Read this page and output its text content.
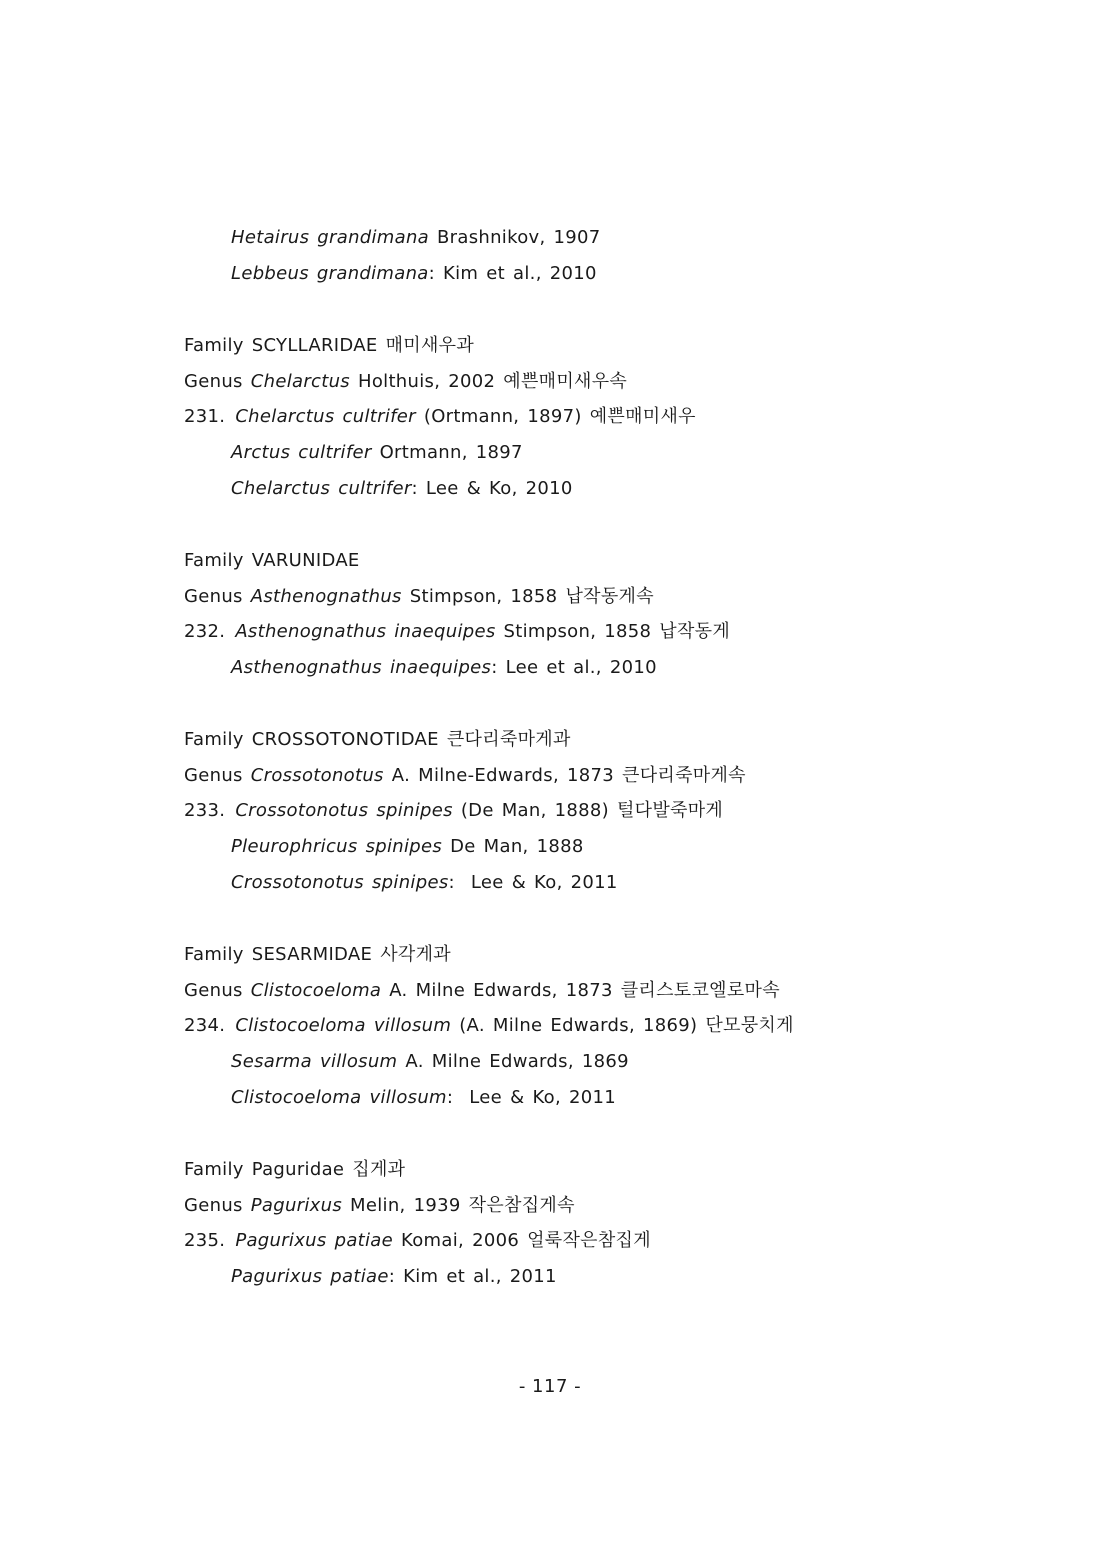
Hetairus grandimana Brashnikov, 1907
Lebbeus grandimana: Kim et al., 2010
Family SCYLLARIDAE 매미새우과
Genus Chelarctus Holthuis, 2002 예쁜매미새우속
231. Chelarctus cultrifer (Ortmann, 1897) 예쁜매미새우
Arctus cultrifer Ortmann, 1897
Chelarctus cultrifer: Lee & Ko, 2010
Family VARUNIDAE
Genus Asthenognathus Stimpson, 1858 납작동게속
232. Asthenognathus inaequipes Stimpson, 1858 납작동게
Asthenognathus inaequipes: Lee et al., 2010
Family CROSSOTONOTIDAE 큰다리죽마게과
Genus Crossotonotus A. Milne-Edwards, 1873 큰다리죽마게속
233. Crossotonotus spinipes (De Man, 1888) 털다발죽마게
Pleurophricus spinipes De Man, 1888
Crossotonotus spinipes:  Lee & Ko, 2011
Family SESARMIDAE 사각게과
Genus Clistocoeloma A. Milne Edwards, 1873 클리스토코엘로마속
234. Clistocoeloma villosum (A. Milne Edwards, 1869) 단모뭉치게
Sesarma villosum A. Milne Edwards, 1869
Clistocoeloma villosum:  Lee & Ko, 2011
Family Paguridae 집게과
Genus Pagurixus Melin, 1939 작은참집게속
235. Pagurixus patiae Komai, 2006 얼룩작은참집게
Pagurixus patiae: Kim et al., 2011
- 117 -
